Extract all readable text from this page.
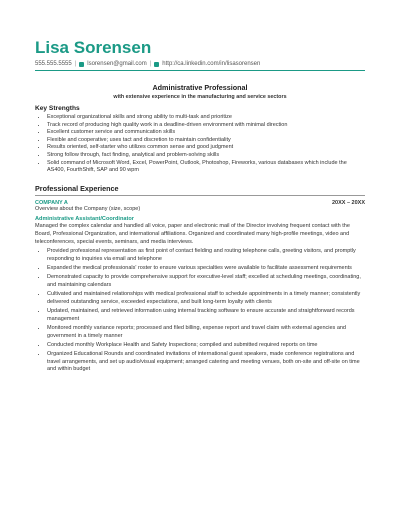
Lisa Sorensen
555.555.5555 | lsorensen@gmail.com | http://ca.linkedin.com/in/lisasorensen
Administrative Professional
with extensive experience in the manufacturing and service sectors
Key Strengths
• Exceptional organizational skills and strong ability to multi-task and prioritize
• Track record of producing high quality work in a deadline-driven environment with minimal direction
• Excellent customer service and communication skills
• Flexible and cooperative; uses tact and discretion to maintain confidentiality
• Results oriented, self-starter who utilizes common sense and good judgment
• Strong follow through, fact finding, analytical and problem-solving skills
• Solid command of Microsoft Word, Excel, PowerPoint, Outlook, Photoshop, Fireworks, various databases which include the AS400, FourthShift, SAP and 90 wpm
Professional Experience
COMPANY A	20XX – 20XX
Overview about the Company (size, scope)
Administrative Assistant/Coordinator
Managed the complex calendar and handled all voice, paper and electronic mail of the Director involving frequent contact with the Board, Professional Organization, and international affiliations. Organized and coordinated many high-profile meetings, video and teleconferences, special events, seminars, and media interviews.
• Provided professional representation as first point of contact fielding and routing telephone calls, greeting visitors, and promptly responding to inquiries via email and telephone
• Expanded the medical professionals' roster to ensure various specialties were available to facilitate assessment requirements
• Demonstrated capacity to provide comprehensive support for executive-level staff; excelled at scheduling meetings, coordinating, and maintaining calendars
• Cultivated and maintained relationships with medical professional staff to schedule appointments in a timely manner; consistently delivered outstanding service, exceeded expectations, and built long-term loyalty with clients
• Updated, maintained, and retrieved information using internal tracking software to ensure accurate and straightforward records management
• Monitored monthly variance reports; processed and filed billing, expense report and travel claim with external agencies and government in a timely manner
• Conducted monthly Workplace Health and Safety Inspections; compiled and submitted required reports on time
• Organized Educational Rounds and coordinated invitations of international guest speakers, made conference registrations and travel arrangements, and set up audio/visual equipment; arranged catering and meeting venues, both on-site and off-site on time and within budget
